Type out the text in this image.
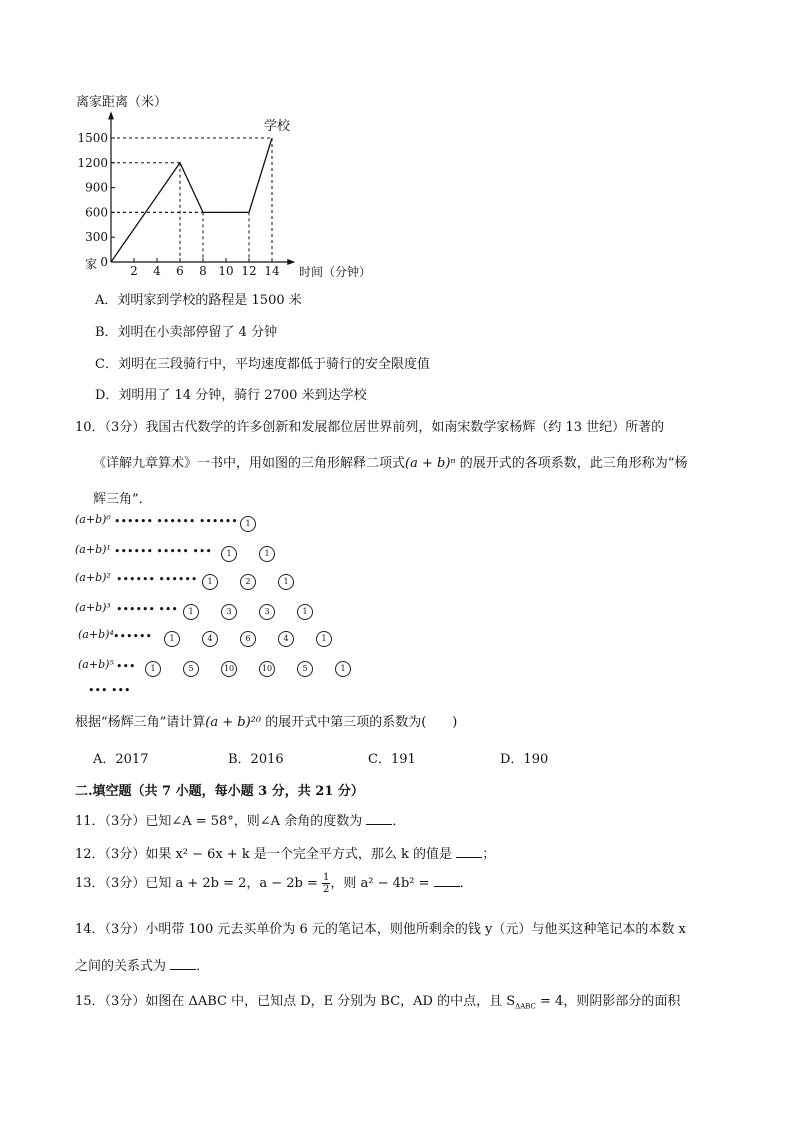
离家距离（米）
时间（分钟）
家
学校
0
300
600
900
1200
1500
2 4 6 8 10 12 14
A．刘明家到学校的路程是 1500 米
B．刘明在小卖部停留了 4 分钟
C．刘明在三段骑行中，平均速度都低于骑行的安全限度值
D．刘明用了 14 分钟，骑行 2700 米到达学校
10．（3分）我国古代数学的许多创新和发展都位居世界前列，如南宋数学家杨辉（约 13 世纪）所著的
《详解九章算术》一书中，用如图的三角形解释二项式(a + b)ⁿ 的展开式的各项系数，此三角形称为“杨
辉三角”．
(a+b)⁰ •••••• •••••• •••••• 1
(a+b)¹ •••••• ••••• •••	1	1
(a+b)² •••••• ••••••	1	2	1
(a+b)³ •••••• •••	1	3	3	1
(a+b)⁴ ••••••	1	4	6	4	1
(a+b)⁵ •••	1	5	10	10	5	1
••• •••
根据“杨辉三角”请计算(a + b)²⁰ 的展开式中第三项的系数为(　　)
A．2017	B．2016	C．191	D．190
二.填空题（共 7 小题，每小题 3 分，共 21 分）
11．（3分）已知∠A = 58°，则∠A 余角的度数为 ．
12．（3分）如果 x² − 6x + k 是一个完全平方式，那么 k 的值是 ；
13．（3分）已知 a + 2b = 2，$a - 2b = \frac{1}{2}$ ，则 a² − 4b² = ．
14．（3分）小明带 100 元去买单价为 6 元的笔记本，则他所剩余的钱 y（元）与他买这种笔记本的本数 x
之间的关系式为 ．
15．（3分）如图在 ΔABC 中，已知点 D，E 分别为 BC，AD 的中点，且 $S_{\Delta ABC} = 4$，则阴影部分的面积
